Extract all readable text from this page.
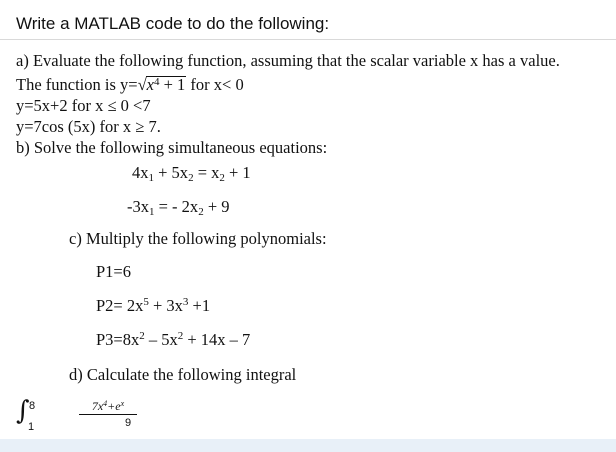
Write a MATLAB code to do the following:
a) Evaluate the following function, assuming that the scalar variable x has a value.
The function is $y=√x^4 + 1$ for x< 0
y=5x+2 for x ≤ 0 <7
y=7cos (5x) for x ≥ 7.
b) Solve the following simultaneous equations:
$4x_1 + 5x_2 = x_2 + 1$
$-3x_1$ = - $2x_2 + 9$
c) Multiply the following polynomials:
P1=6
$P2= 2x^5 + 3x^3 +1$
$P3=8x^2 - 5x^2 + 14x - 7$
d) Calculate the following integral
∫ 8
1
$7x^4+e^x$
9
